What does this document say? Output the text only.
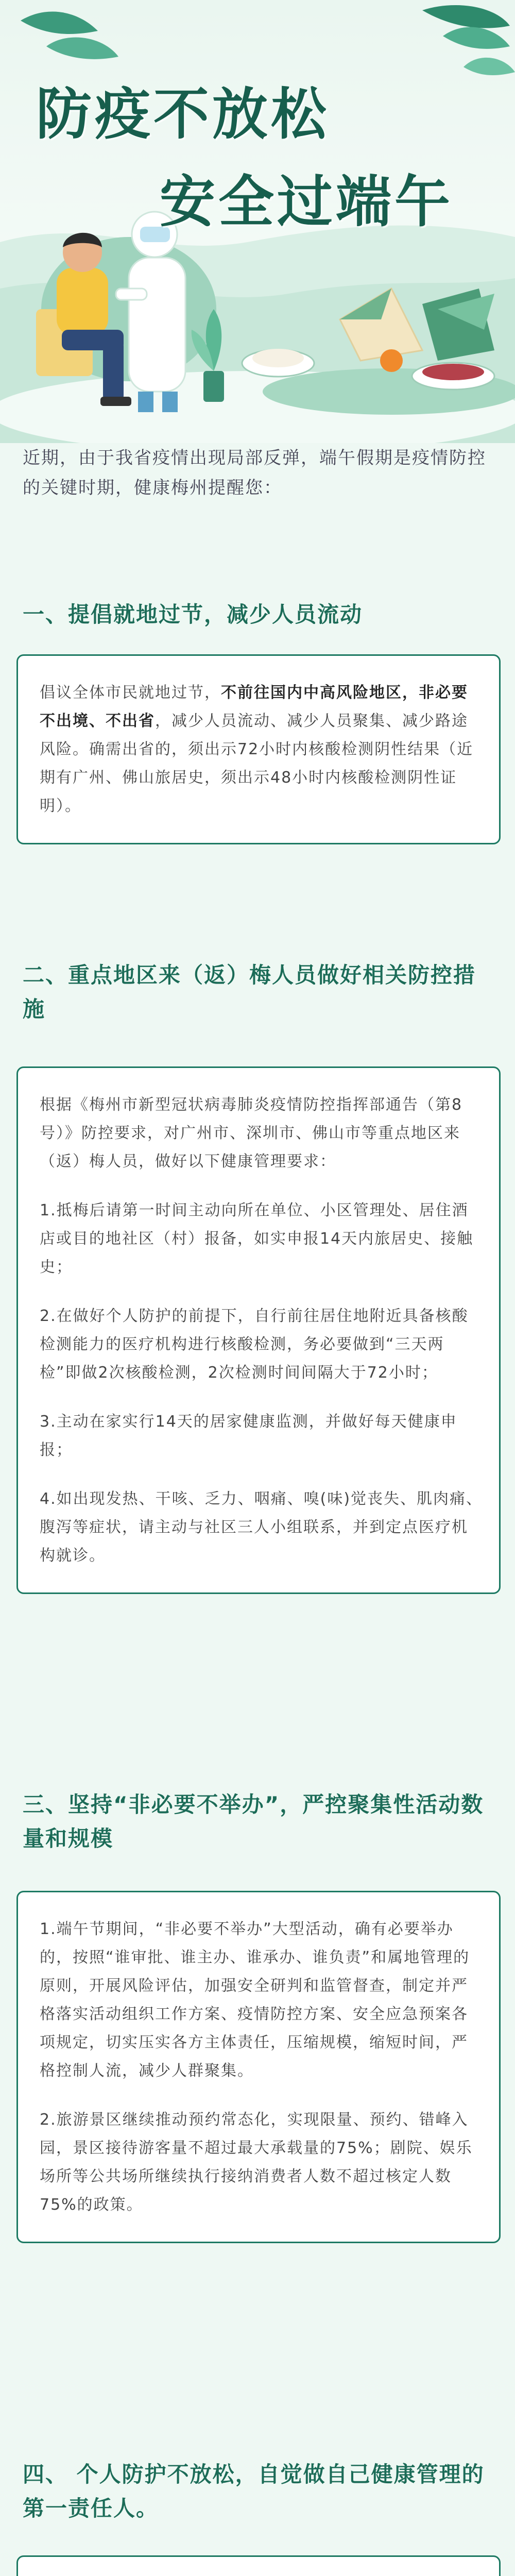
防疫不放松
安全过端午
近期，由于我省疫情出现局部反弹，端午假期是疫情防控的关键时期，健康梅州提醒您：
一、提倡就地过节，减少人员流动

倡议全体市民就地过节，不前往国内中高风险地区，非必要不出境、不出省，减少人员流动、减少人员聚集、减少路途风险。确需出省的，须出示72小时内核酸检测阴性结果（近期有广州、佛山旅居史，须出示48小时内核酸检测阴性证明）。

二、重点地区来（返）梅人员做好相关防控措施

根据《梅州市新型冠状病毒肺炎疫情防控指挥部通告（第8号）》防控要求，对广州市、深圳市、佛山市等重点地区来（返）梅人员，做好以下健康管理要求：

1.抵梅后请第一时间主动向所在单位、小区管理处、居住酒店或目的地社区（村）报备，如实申报14天内旅居史、接触史；

2.在做好个人防护的前提下，自行前往居住地附近具备核酸检测能力的医疗机构进行核酸检测，务必要做到“三天两检”即做2次核酸检测，2次检测时间间隔大于72小时；

3.主动在家实行14天的居家健康监测，并做好每天健康申报；

4.如出现发热、干咳、乏力、咽痛、嗅(味)觉丧失、肌肉痛、腹泻等症状，请主动与社区三人小组联系，并到定点医疗机构就诊。

三、坚持“非必要不举办”，严控聚集性活动数量和规模

1.端午节期间，“非必要不举办”大型活动，确有必要举办的，按照“谁审批、谁主办、谁承办、谁负责”和属地管理的原则，开展风险评估，加强安全研判和监管督查，制定并严格落实活动组织工作方案、疫情防控方案、安全应急预案各项规定，切实压实各方主体责任，压缩规模，缩短时间，严格控制人流，减少人群聚集。

2.旅游景区继续推动预约常态化，实现限量、预约、错峰入园，景区接待游客量不超过最大承载量的75%；剧院、娱乐场所等公共场所继续执行接纳消费者人数不超过核定人数75%的政策。

四、 个人防护不放松，自觉做自己健康管理的第一责任人。
